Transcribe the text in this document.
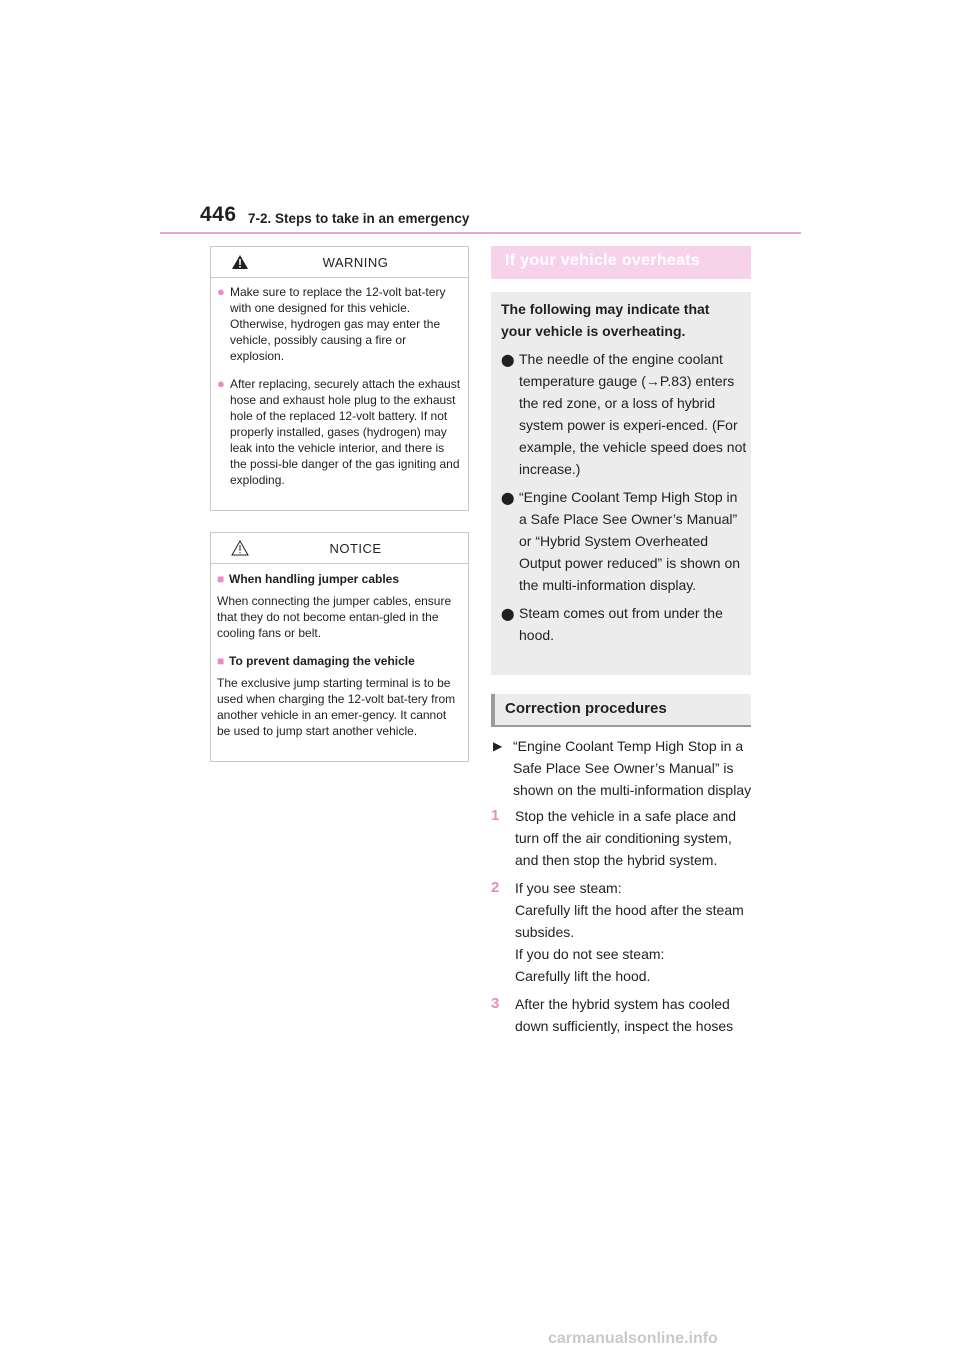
446 7-2. Steps to take in an emergency
WARNING
● Make sure to replace the 12-volt bat-tery with one designed for this vehicle. Otherwise, hydrogen gas may enter the vehicle, possibly causing a fire or explosion.
● After replacing, securely attach the exhaust hose and exhaust hole plug to the exhaust hole of the replaced 12-volt battery. If not properly installed, gases (hydrogen) may leak into the vehicle interior, and there is the possi-ble danger of the gas igniting and exploding.
NOTICE
■ When handling jumper cables
When connecting the jumper cables, ensure that they do not become entan-gled in the cooling fans or belt.
■ To prevent damaging the vehicle
The exclusive jump starting terminal is to be used when charging the 12-volt bat-tery from another vehicle in an emer-gency. It cannot be used to jump start another vehicle.
If your vehicle overheats
The following may indicate that your vehicle is overheating.
⬤ The needle of the engine coolant temperature gauge (→P.83) enters the red zone, or a loss of hybrid system power is experi-enced. (For example, the vehicle speed does not increase.)
⬤ “Engine Coolant Temp High Stop in a Safe Place See Owner’s Manual” or “Hybrid System Overheated Output power reduced” is shown on the multi-information display.
⬤ Steam comes out from under the hood.
Correction procedures
▶ “Engine Coolant Temp High Stop in a Safe Place See Owner’s Manual” is shown on the multi-information display
1	Stop the vehicle in a safe place and turn off the air conditioning system, and then stop the hybrid system.
2	If you see steam:
Carefully lift the hood after the steam subsides.
If you do not see steam:
Carefully lift the hood.
3	After the hybrid system has cooled down sufficiently, inspect the hoses
carmanualsonline.info
